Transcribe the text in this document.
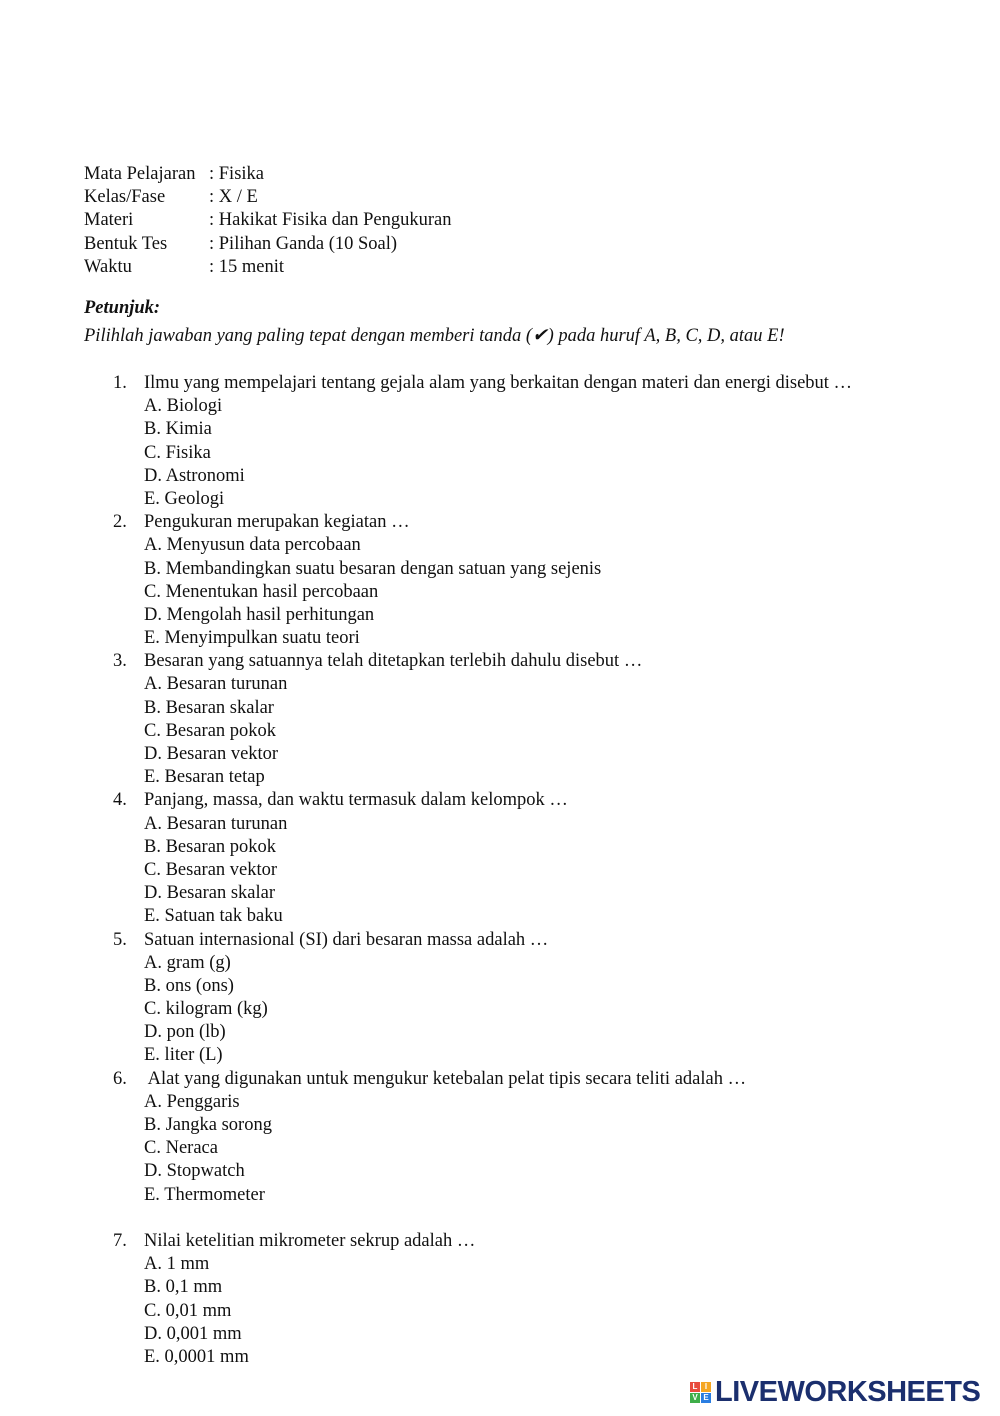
Mata Pelajaran : Fisika
Kelas/Fase : X / E
Materi	: Hakikat Fisika dan Pengukuran
Bentuk Tes : Pilihan Ganda (10 Soal)
Waktu	: 15 menit
Petunjuk:
Pilihlah jawaban yang paling tepat dengan memberi tanda (✔) pada huruf A, B, C, D, atau E!
1. Ilmu yang mempelajari tentang gejala alam yang berkaitan dengan materi dan energi disebut …
A. Biologi
B. Kimia
C. Fisika
D. Astronomi
E. Geologi
2. Pengukuran merupakan kegiatan …
A. Menyusun data percobaan
B. Membandingkan suatu besaran dengan satuan yang sejenis
C. Menentukan hasil percobaan
D. Mengolah hasil perhitungan
E. Menyimpulkan suatu teori
3. Besaran yang satuannya telah ditetapkan terlebih dahulu disebut …
A. Besaran turunan
B. Besaran skalar
C. Besaran pokok
D. Besaran vektor
E. Besaran tetap
4. Panjang, massa, dan waktu termasuk dalam kelompok …
A. Besaran turunan
B. Besaran pokok
C. Besaran vektor
D. Besaran skalar
E. Satuan tak baku
5. Satuan internasional (SI) dari besaran massa adalah …
A. gram (g)
B. ons (ons)
C. kilogram (kg)
D. pon (lb)
E. liter (L)
6. Alat yang digunakan untuk mengukur ketebalan pelat tipis secara teliti adalah …
A. Penggaris
B. Jangka sorong
C. Neraca
D. Stopwatch
E. Thermometer
7. Nilai ketelitian mikrometer sekrup adalah …
A. 1 mm
B. 0,1 mm
C. 0,01 mm
D. 0,001 mm
E. 0,0001 mm
L I
V E LIVEWORKSHEETS
